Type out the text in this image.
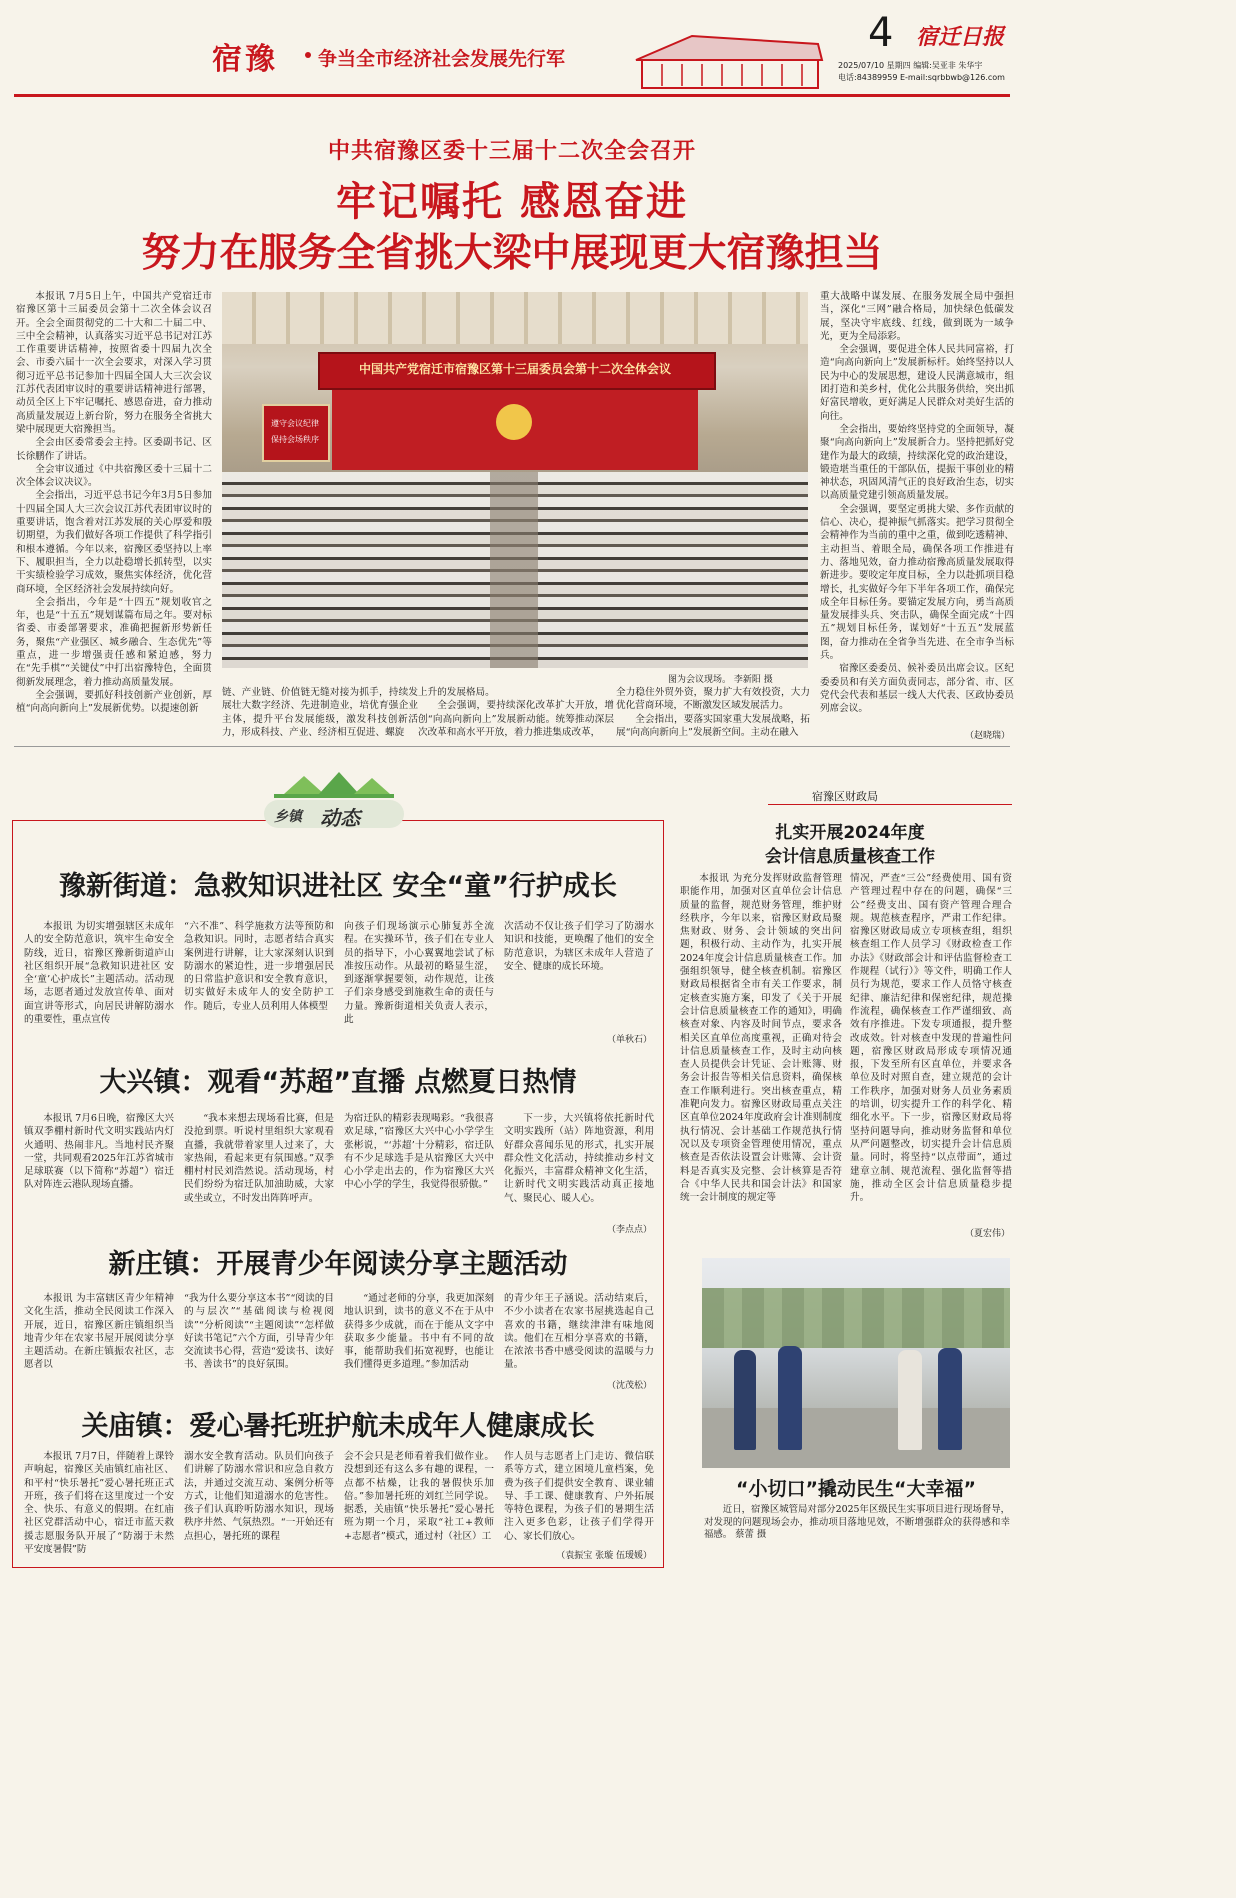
宿豫 争当全市经济社会发展先行军
4 宿迁日报
2025/07/10 星期四 编辑:吴亚非 朱华宇
电话:84389959 E-mail:sqrbbwb@126.com
中共宿豫区委十三届十二次全会召开
牢记嘱托 感恩奋进
努力在服务全省挑大梁中展现更大宿豫担当

本报讯 7月5日上午，中国共产党宿迁市宿豫区第十三届委员会第十二次全体会议召开。全会全面贯彻党的二十大和二十届二中、三中全会精神，认真落实习近平总书记对江苏工作重要讲话精神，按照省委十四届九次全会、市委六届十一次全会要求，对深入学习贯彻习近平总书记参加十四届全国人大三次会议江苏代表团审议时的重要讲话精神进行部署，动员全区上下牢记嘱托、感恩奋进，奋力推动高质量发展迈上新台阶，努力在服务全省挑大梁中展现更大宿豫担当。

全会由区委常委会主持。区委副书记、区长徐鹏作了讲话。

全会审议通过《中共宿豫区委十三届十二次全体会议决议》。

全会指出，习近平总书记今年3月5日参加十四届全国人大三次会议江苏代表团审议时的重要讲话，饱含着对江苏发展的关心厚爱和殷切期望，为我们做好各项工作提供了科学指引和根本遵循。今年以来，宿豫区委坚持以上率下、履职担当，全力以赴稳增长抓转型，以实干实绩检验学习成效，聚焦实体经济，优化营商环境，全区经济社会发展持续向好。

全会指出，今年是“十四五”规划收官之年，也是“十五五”规划谋篇布局之年。要对标省委、市委部署要求，准确把握新形势新任务，聚焦“产业强区、城乡融合、生态优先”等重点，进一步增强责任感和紧迫感，努力在“先手棋”“关键仗”中打出宿豫特色，全面贯彻新发展理念，着力推动高质量发展。

全会强调，要抓好科技创新产业创新，厚植“向高向新向上”发展新优势。以提速创新

中国共产党宿迁市宿豫区第十三届委员会第十二次全体会议
遵守会议纪律
保持会场秩序
图为会议现场。 李新阳 摄

链、产业链、价值链无缝对接为抓手，持续发展壮大数字经济、先进制造业，培优育强企业主体，提升平台发展能级，激发科技创新活力，形成科技、产业、经济相互促进、螺旋

上升的发展格局。

全会强调，要持续深化改革扩大开放，增创“向高向新向上”发展新动能。统筹推动深层次改革和高水平开放，着力推进集成改革，

全力稳住外贸外资，聚力扩大有效投资，大力优化营商环境，不断激发区域发展活力。

全会指出，要落实国家重大发展战略，拓展“向高向新向上”发展新空间。主动在融入

重大战略中谋发展、在服务发展全局中强担当，深化“三网”融合格局，加快绿色低碳发展，坚决守牢底线、红线，做到既为一域争光，更为全局添彩。

全会强调，要促进全体人民共同富裕，打造“向高向新向上”发展新标杆。始终坚持以人民为中心的发展思想，建设人民满意城市，组团打造和美乡村，优化公共服务供给，突出抓好富民增收，更好满足人民群众对美好生活的向往。

全会指出，要始终坚持党的全面领导，凝聚“向高向新向上”发展新合力。坚持把抓好党建作为最大的政绩，持续深化党的政治建设，锻造堪当重任的干部队伍，提振干事创业的精神状态，巩固风清气正的良好政治生态，切实以高质量党建引领高质量发展。

全会强调，要坚定勇挑大梁、多作贡献的信心、决心，提神振气抓落实。把学习贯彻全会精神作为当前的重中之重，做到吃透精神、主动担当、着眼全局，确保各项工作推进有力、落地见效，奋力推动宿豫高质量发展取得新进步。要咬定年度目标，全力以赴抓项目稳增长，扎实做好今年下半年各项工作，确保完成全年目标任务。要锚定发展方向，勇当高质量发展排头兵、突击队，确保全面完成“十四五”规划目标任务，谋划好“十五五”发展蓝图，奋力推动在全省争当先进、在全市争当标兵。

宿豫区委委员、候补委员出席会议。区纪委委员和有关方面负责同志，部分省、市、区党代会代表和基层一线人大代表、区政协委员列席会议。

（赵晓瑞）
乡镇 动态
豫新街道：急救知识进社区 安全“童”行护成长
本报讯 为切实增强辖区未成年人的安全防范意识，筑牢生命安全防线，近日，宿豫区豫新街道庐山社区组织开展“急救知识进社区 安全‘童’心护成长”主题活动。活动现场，志愿者通过发放宣传单、面对面宣讲等形式，向居民讲解防溺水的重要性，重点宣传
“六不准”、科学施救方法等预防和急救知识。同时，志愿者结合真实案例进行讲解，让大家深刻认识到防溺水的紧迫性，进一步增强居民的日常监护意识和安全教育意识，切实做好未成年人的安全防护工作。随后，专业人员利用人体模型
向孩子们现场演示心肺复苏全流程。在实操环节，孩子们在专业人员的指导下，小心翼翼地尝试了标准按压动作。从最初的略显生涩，到逐渐掌握要领，动作规范，让孩子们亲身感受到施救生命的责任与力量。豫新街道相关负责人表示，此
次活动不仅让孩子们学习了防溺水知识和技能，更唤醒了他们的安全防范意识，为辖区未成年人营造了安全、健康的成长环境。
（单秋石）
大兴镇：观看“苏超”直播 点燃夏日热情
本报讯 7月6日晚，宿豫区大兴镇双季棚村新时代文明实践站内灯火通明、热闹非凡。当地村民齐聚一堂，共同观看2025年江苏省城市足球联赛（以下简称“苏超”）宿迁队对阵连云港队现场直播。
“我本来想去现场看比赛，但是没抢到票。听说村里组织大家观看直播，我就带着家里人过来了，大家热闹，看起来更有氛围感。”双季棚村村民刘浩然说。活动现场，村民们纷纷为宿迁队加油助威，大家或坐或立，不时发出阵阵呼声。
为宿迁队的精彩表现喝彩。“我很喜欢足球，”宿豫区大兴中心小学学生张彬说，“‘苏超’十分精彩，宿迁队有不少足球选手是从宿豫区大兴中心小学走出去的，作为宿豫区大兴中心小学的学生，我觉得很骄傲。”
下一步，大兴镇将依托新时代文明实践所（站）阵地资源，利用好群众喜闻乐见的形式，扎实开展群众性文化活动，持续推动乡村文化振兴，丰富群众精神文化生活，让新时代文明实践活动真正接地气、聚民心、暖人心。
（李点点）
新庄镇：开展青少年阅读分享主题活动
本报讯 为丰富辖区青少年精神文化生活，推动全民阅读工作深入开展，近日，宿豫区新庄镇组织当地青少年在农家书屋开展阅读分享主题活动。在新庄镇振农社区，志愿者以
“我为什么要分享这本书”“阅读的目的与层次”“基础阅读与检视阅读”“分析阅读”“主题阅读”“怎样做好读书笔记”六个方面，引导青少年交流读书心得，营造“爱读书、读好书、善读书”的良好氛围。
“通过老师的分享，我更加深刻地认识到，读书的意义不在于从中获得多少成就，而在于能从文字中获取多少能量。书中有不同的故事，能帮助我们拓宽视野，也能让我们懂得更多道理。”参加活动
的青少年王子涵说。活动结束后，不少小读者在农家书屋挑选起自己喜欢的书籍，继续津津有味地阅读。他们在互相分享喜欢的书籍，在浓浓书香中感受阅读的温暖与力量。
（沈茂松）
关庙镇：爱心暑托班护航未成年人健康成长
本报讯 7月7日，伴随着上课铃声响起，宿豫区关庙镇红庙社区、和平村“快乐暑托”爱心暑托班正式开班，孩子们将在这里度过一个安全、快乐、有意义的假期。在红庙社区党群活动中心，宿迁市蓝天救援志愿服务队开展了“防溺于未然 平安度暑假”防
溺水安全教育活动。队员们向孩子们讲解了防溺水常识和应急自救方法，并通过交流互动、案例分析等方式，让他们知道溺水的危害性。孩子们认真聆听防溺水知识，现场秩序井然、气氛热烈。“一开始还有点担心，暑托班的课程
会不会只是老师看着我们做作业。没想到还有这么多有趣的课程，一点都不枯燥，让我的暑假快乐加倍。”参加暑托班的刘红兰同学说。据悉，关庙镇“快乐暑托”爱心暑托班为期一个月，采取“社工+教师+志愿者”模式，通过村（社区）工
作人员与志愿者上门走访、微信联系等方式，建立困境儿童档案，免费为孩子们提供安全教育、课业辅导、手工课、健康教育、户外拓展等特色课程，为孩子们的暑期生活注入更多色彩，让孩子们学得开心、家长们放心。
（袁振宝 张璇 伍瑷媛）
宿豫区财政局
扎实开展2024年度
会计信息质量核查工作
本报讯 为充分发挥财政监督管理职能作用，加强对区直单位会计信息质量的监督，规范财务管理，维护财经秩序，今年以来，宿豫区财政局聚焦财政、财务、会计领域的突出问题，积极行动、主动作为，扎实开展2024年度会计信息质量核查工作。加强组织领导，健全核查机制。宿豫区财政局根据省全市有关工作要求，制定核查实施方案，印发了《关于开展会计信息质量核查工作的通知》，明确核查对象、内容及时间节点，要求各相关区直单位高度重视，正确对待会计信息质量核查工作，及时主动向核查人员提供会计凭证、会计账簿、财务会计报告等相关信息资料，确保核查工作顺利进行。突出核查重点，精准靶向发力。宿豫区财政局重点关注区直单位2024年度政府会计准则制度执行情况、会计基础工作规范执行情况以及专项资金管理使用情况，重点核查是否依法设置会计账簿、会计资料是否真实及完整、会计核算是否符合《中华人民共和国会计法》和国家统一会计制度的规定等
情况，严查“三公”经费使用、国有资产管理过程中存在的问题，确保“三公”经费支出、国有资产管理合理合规。规范核查程序，严肃工作纪律。宿豫区财政局成立专项核查组，组织核查组工作人员学习《财政检查工作办法》《财政部会计和评估监督检查工作规程（试行）》等文件，明确工作人员行为规范，要求工作人员恪守核查纪律、廉洁纪律和保密纪律，规范操作流程，确保核查工作严谨细致、高效有序推进。下发专项通报，提升整改成效。针对核查中发现的普遍性问题，宿豫区财政局形成专项情况通报，下发至所有区直单位，并要求各单位及时对照自查，建立规范的会计工作秩序，加强对财务人员业务素质的培训，切实提升工作的科学化、精细化水平。下一步，宿豫区财政局将坚持问题导向，推动财务监督和单位从严问题整改，切实提升会计信息质量。同时，将坚持“以点带面”，通过建章立制、规范流程、强化监督等措施，推动全区会计信息质量稳步提升。
（夏宏伟）
“小切口”撬动民生“大幸福”
近日，宿豫区城管局对部分2025年区级民生实事项目进行现场督导，对发现的问题现场会办，推动项目落地见效，不断增强群众的获得感和幸福感。 蔡蕾 摄
